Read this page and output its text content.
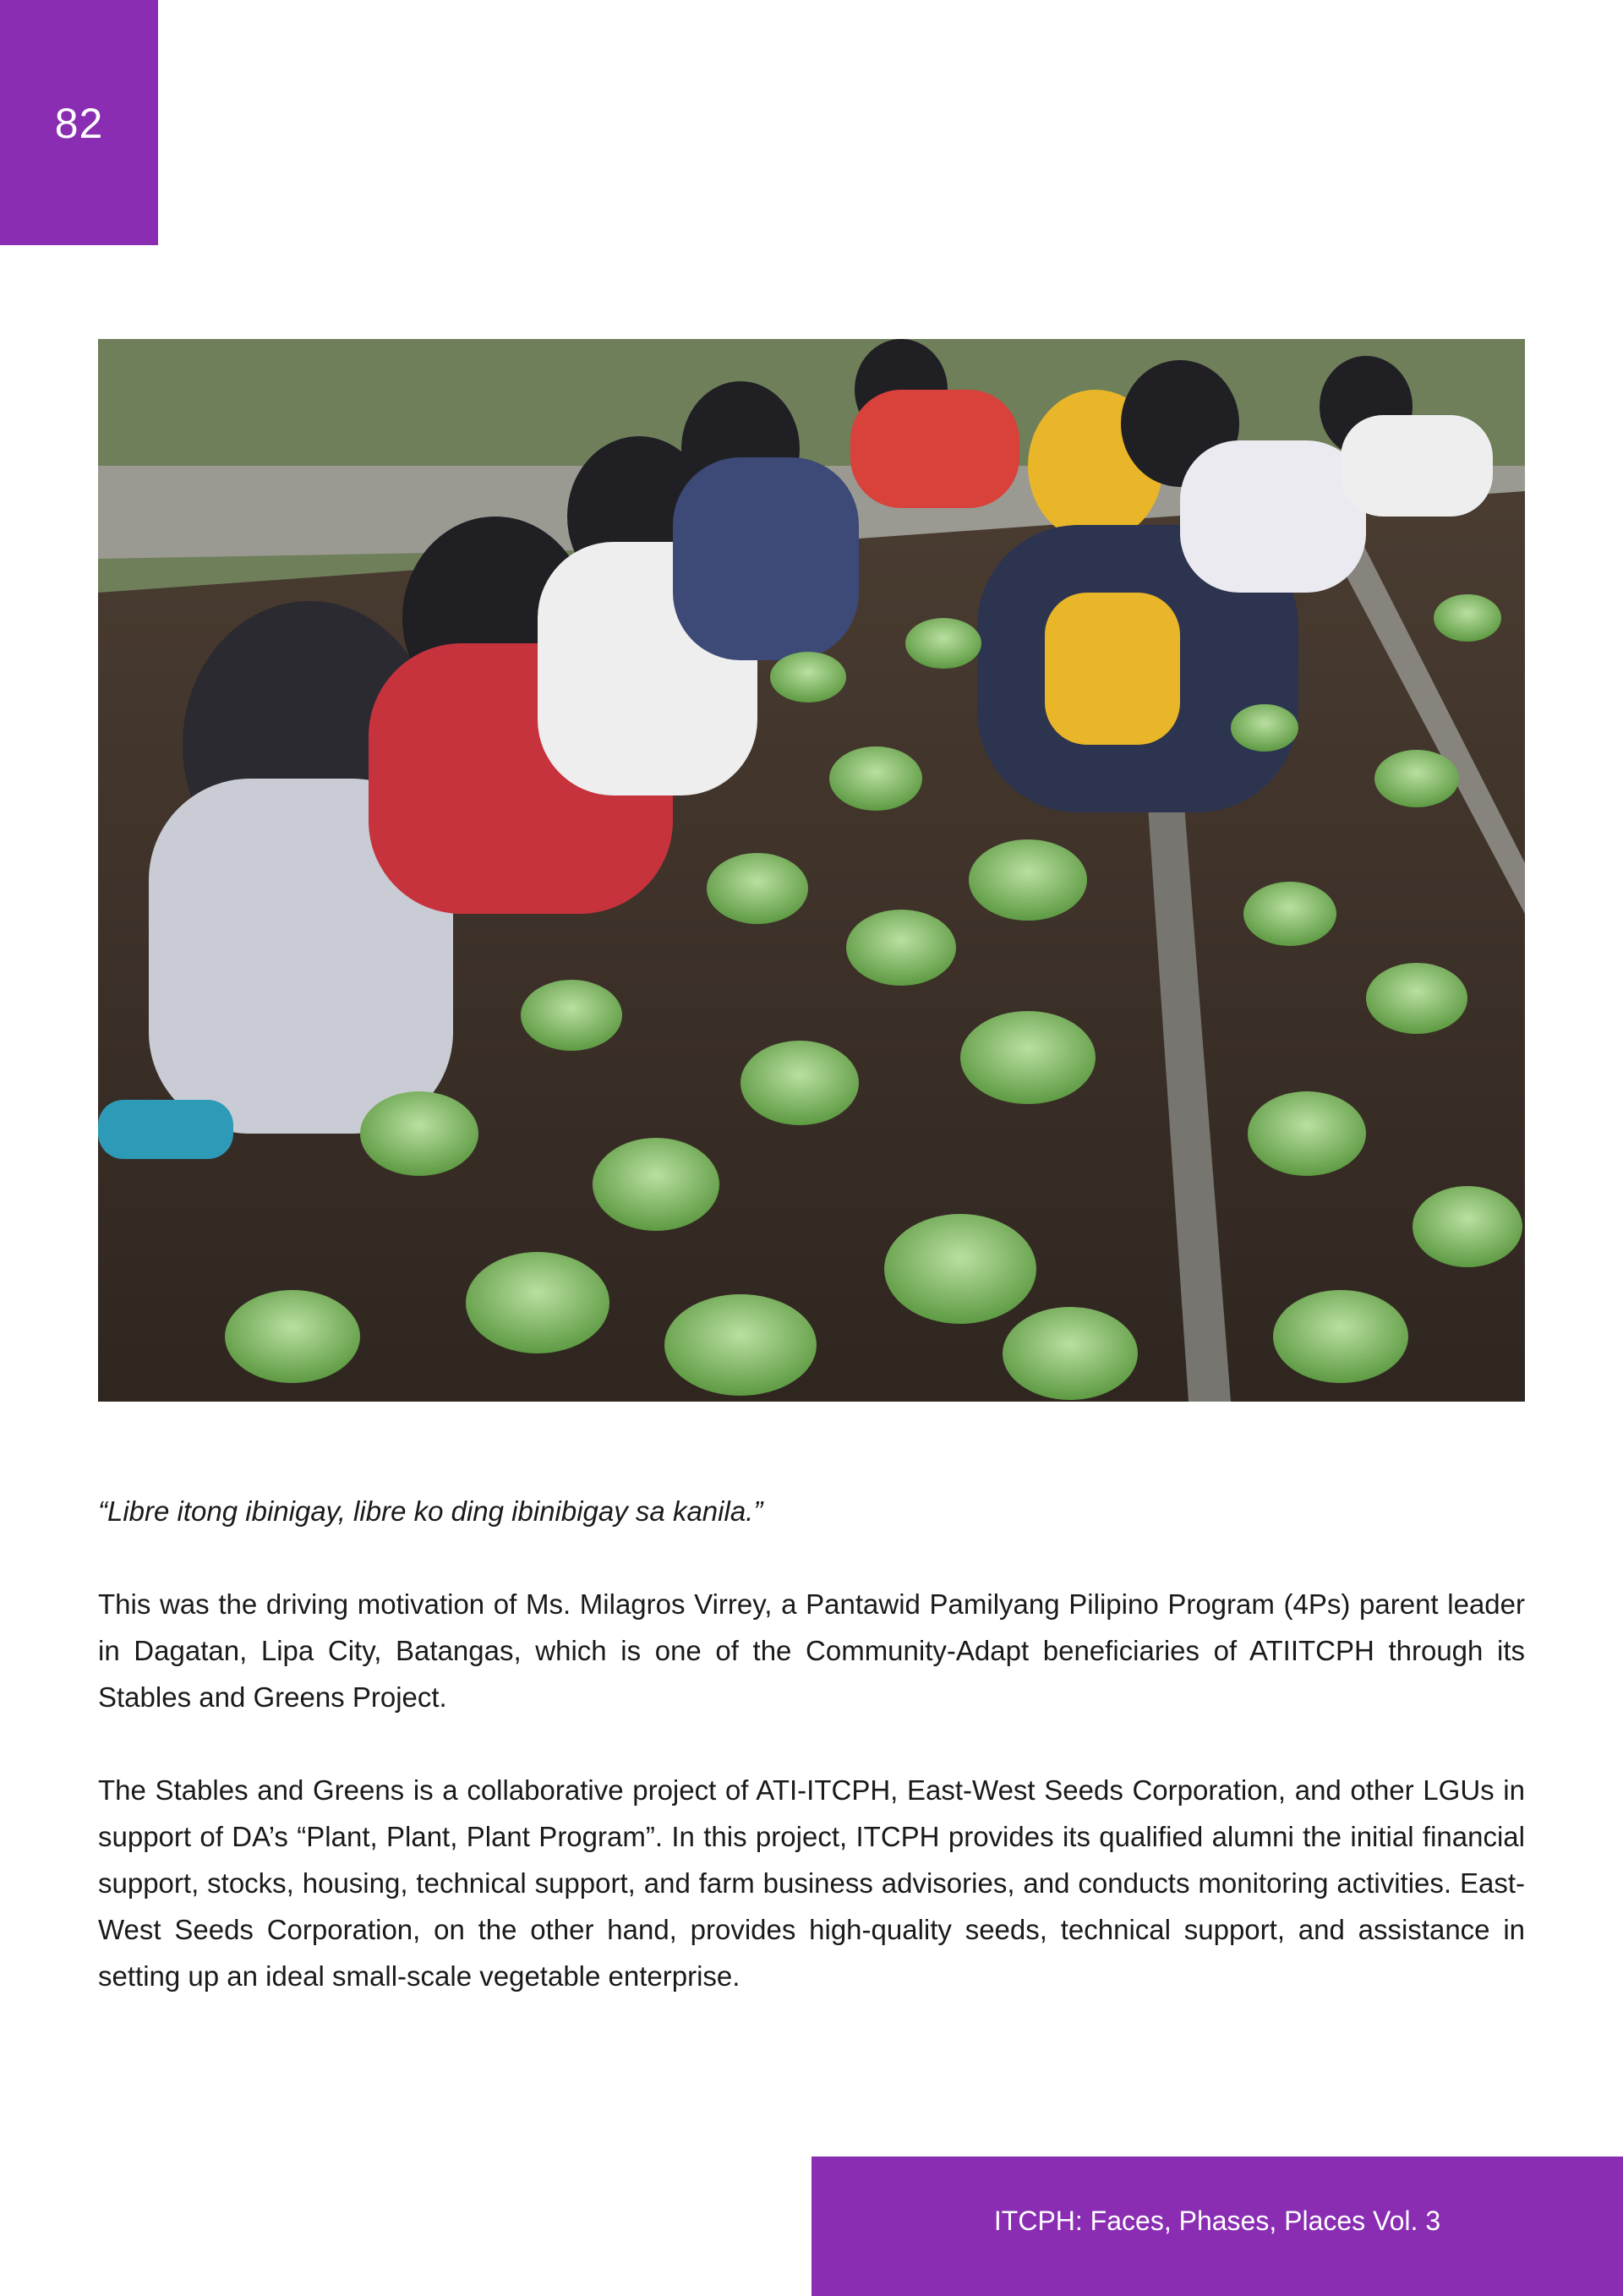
82

“Libre itong ibinigay, libre ko ding ibinibigay sa kanila.”

This was the driving motivation of Ms. Milagros Virrey, a Pantawid Pamilyang Pilipino Program (4Ps) parent leader in Dagatan, Lipa City, Batangas, which is one of the Community-Adapt beneficiaries of ATIITCPH through its Stables and Greens Project.

The Stables and Greens is a collaborative project of ATI-ITCPH, East-West Seeds Corporation, and other LGUs in support of DA’s “Plant, Plant, Plant Program”. In this project, ITCPH provides its qualified alumni the initial financial support, stocks, housing, technical support, and farm business advisories, and conducts monitoring activities. East-West Seeds Corporation, on the other hand, provides high-quality seeds, technical support, and assistance in setting up an ideal small-scale vegetable enterprise.

ITCPH: Faces, Phases, Places Vol. 3
